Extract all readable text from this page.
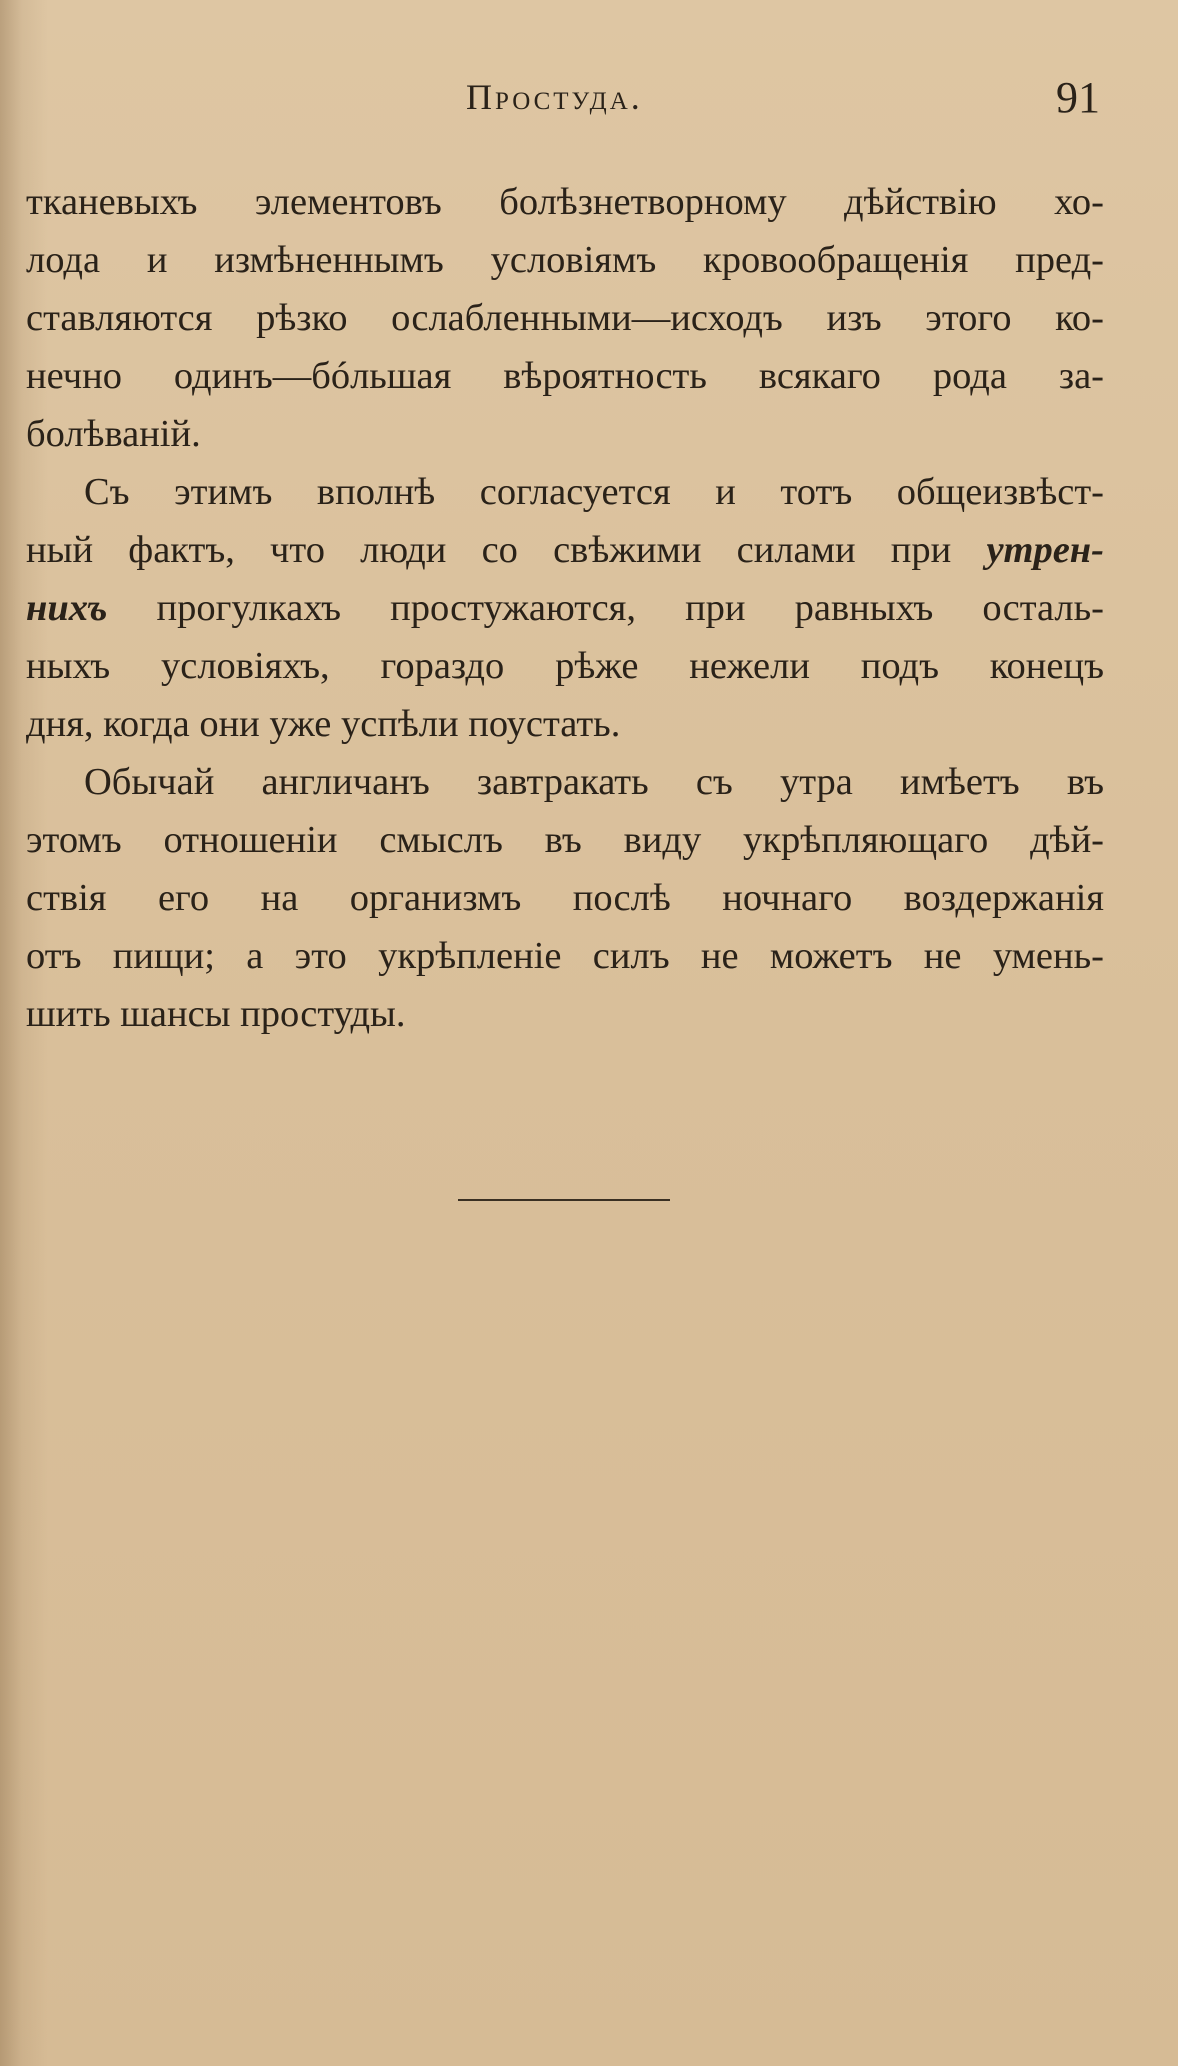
Простуда.	91
тканевыхъ элементовъ болѣзнетворному дѣйствію хо-
лода и измѣненнымъ условіямъ кровообращенія пред-
ставляются рѣзко ослабленными—исходъ изъ этого ко-
нечно одинъ—бóльшая вѣроятность всякаго рода за-
болѣваній.
Съ этимъ вполнѣ согласуется и тотъ общеизвѣст-
ный фактъ, что люди со свѣжими силами при утрен-
нихъ прогулкахъ простужаются, при равныхъ осталь-
ныхъ условіяхъ, гораздо рѣже нежели подъ конецъ
дня, когда они уже успѣли поустать.
Обычай англичанъ завтракать съ утра имѣетъ въ
этомъ отношеніи смыслъ въ виду укрѣпляющаго дѣй-
ствія его на организмъ послѣ ночнаго воздержанія
отъ пищи; а это укрѣпленіе силъ не можетъ не умень-
шить шансы простуды.
